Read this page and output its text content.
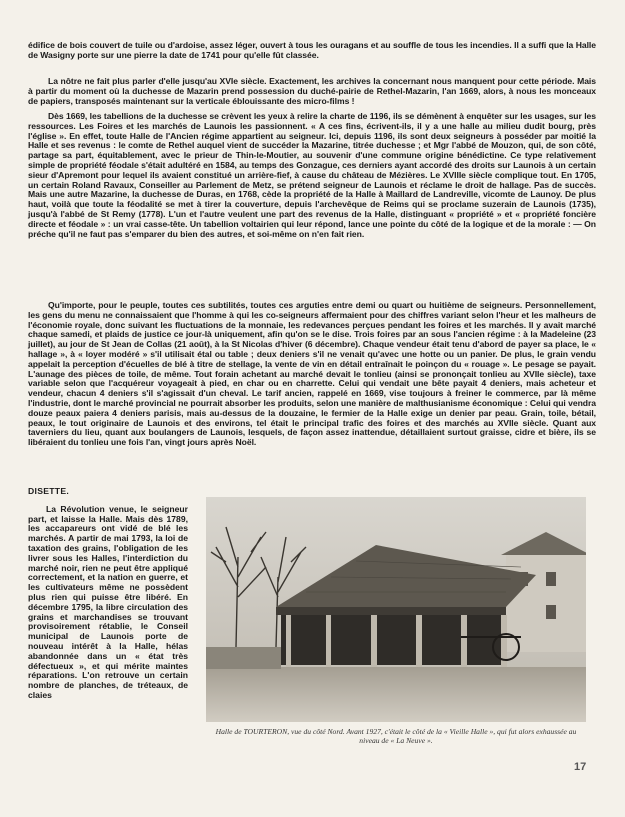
édifice de bois couvert de tuile ou d'ardoise, assez léger, ouvert à tous les ouragans et au souffle de tous les incendies. Il a suffi que la Halle de Wasigny porte sur une pierre la date de 1741 pour qu'elle fût classée.

La nôtre ne fait plus parler d'elle jusqu'au XVIe siècle. Exactement, les archives la concernant nous manquent pour cette période. Mais à partir du moment où la duchesse de Mazarin prend possession du duché-pairie de Rethel-Mazarin, l'an 1669, alors, à nous les monceaux de papiers, transposés maintenant sur la verticale éblouissante des micro-films !

Dès 1669, les tabellions de la duchesse se crèvent les yeux à relire la charte de 1196, ils se démènent à enquêter sur les usages, sur les ressources. Les Foires et les marchés de Launois les passionnent. « A ces fins, écrivent-ils, il y a une halle au milieu dudit bourg, près l'église ». En effet, toute Halle de l'Ancien régime appartient au seigneur. Ici, depuis 1196, ils sont deux seigneurs à posséder par moitié la Halle et ses revenus : le comte de Rethel auquel vient de succéder la Mazarine, titrée duchesse ; et Mgr l'abbé de Mouzon, qui, de son côté, partage sa part, équitablement, avec le prieur de Thin-le-Moutier, au souvenir d'une commune origine bénédictine. Ce type relativement simple de propriété féodale s'était adultéré en 1584, au temps des Gonzague, ces derniers ayant accordé des droits sur Launois à un certain sieur d'Apremont pour lequel ils avaient constitué un arrière-fief, à cause du château de Mézières. Le XVIIIe siècle complique tout. En 1705, un certain Roland Ravaux, Conseiller au Parlement de Metz, se prétend seigneur de Launois et réclame le droit de hallage. Pas de succès. Mais une autre Mazarine, la duchesse de Duras, en 1768, cède la propriété de la Halle à Maillard de Landreville, vicomte de Launoy. De plus haut, voilà que toute la féodalité se met à tirer la couverture, depuis l'archevêque de Reims qui se proclame suzerain de Launois (1735), jusqu'à l'abbé de St Remy (1778). L'un et l'autre veulent une part des revenus de la Halle, distinguant « propriété » et « propriété foncière directe et féodale » : un vrai casse-tête. Un tabellion voltairien qui leur répond, lance une pointe du côté de la logique et de la morale : — On préche qu'il ne faut pas s'emparer du bien des autres, et soi-même on n'en fait rien.

Qu'importe, pour le peuple, toutes ces subtilités, toutes ces arguties entre demi ou quart ou huitième de seigneurs. Personnellement, les gens du menu ne connaissaient que l'homme à qui les co-seigneurs affermaient pour des chiffres variant selon l'heur et les malheurs de l'économie royale, donc suivant les fluctuations de la monnaie, les redevances perçues pendant les foires et les marchés. Il y avait marché chaque samedi, et plaids de justice ce jour-là uniquement, afin qu'on se le dise. Trois foires par an sous l'ancien régime : à la Madeleine (23 juillet), au jour de St Jean de Collas (21 août), à la St Nicolas d'hiver (6 décembre). Chaque vendeur était tenu d'abord de payer sa place, le « hallage », à « loyer modéré » s'il utilisait étal ou table ; deux deniers s'il ne venait qu'avec une hotte ou un panier. De plus, le grain vendu appelait la perception d'écuelles de blé à titre de stellage, la vente de vin en détail entraînait le poinçon du « rouage ». Le pesage se payait. L'aunage des pièces de toile, de même. Tout forain achetant au marché devait le tonlieu (ainsi se prononçait tonlieu au XVIIe siècle), taxe variable selon que l'acquéreur voyageait à pied, en char ou en charrette. Celui qui vendait une bête payait 4 deniers, mais acheteur et vendeur, chacun 4 deniers s'il s'agissait d'un cheval. Le tarif ancien, rappelé en 1669, vise toujours à freiner le commerce, par là même l'industrie, dont le marché provincial ne pourrait absorber les produits, selon une manière de malthusianisme économique : Celui qui vendra douze peaux paiera 4 deniers parisis, mais au-dessus de la douzaine, le fermier de la Halle exige un denier par peau. Grain, toile, bétail, peaux, le tout originaire de Launois et des environs, tel était le principal trafic des foires et des marchés au XVIIe siècle. Quant aux taverniers du lieu, quant aux boulangers de Launois, lesquels, de façon assez inattendue, détaillaient surtout graisse, cidre et bière, ils se libéraient du tonlieu une fois l'an, vingt jours après Noël.

DISETTE.
La Révolution venue, le seigneur part, et laisse la Halle. Mais dès 1789, les accapareurs ont vidé de blé les marchés. A partir de mai 1793, la loi de taxation des grains, l'obligation de les livrer sous les Halles, l'interdiction du marché noir, rien ne peut être appliqué correctement, et la nation en guerre, et les cultivateurs même ne possèdent plus rien qui puisse être libéré. En décembre 1795, la libre circulation des grains et marchandises se trouvant provisoirement rétablie, le Conseil municipal de Launois porte de nouveau intérêt à la Halle, hélas abandonnée dans un « état très défectueux », et qui mérite maintes réparations. L'on retrouve un certain nombre de planches, de tréteaux, de claies
Halle de TOURTERON, vue du côté Nord. Avant 1927, c'était le côté de la « Vieille Halle », qui fut alors exhaussée au niveau de « La Neuve ».
17
